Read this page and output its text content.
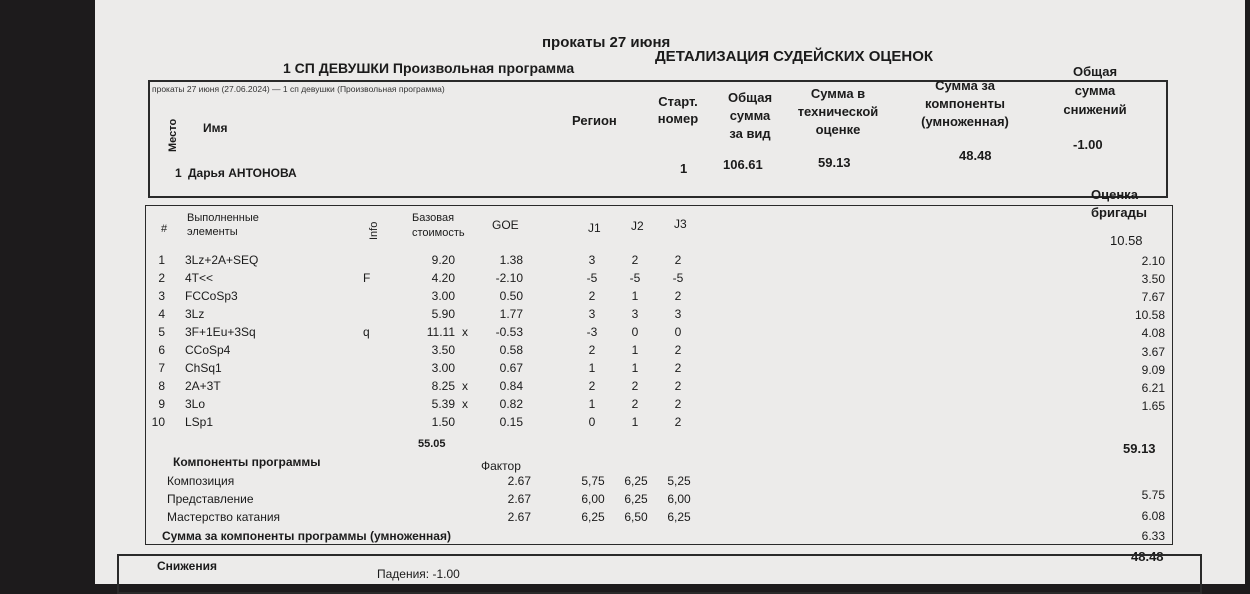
прокаты 27 июня
1 СП ДЕВУШКИ Произвольная программа
ДЕТАЛИЗАЦИЯ СУДЕЙСКИХ ОЦЕНОК
прокаты 27 июня (27.06.2024) — 1 сп девушки (Произвольная программа)
Место Имя	Регион
Старт.
номер
Общая
сумма
за вид
Сумма в
технической
оценке
Сумма за
компоненты
(умноженная)
Общая
сумма
снижений
1 Дарья АНТОНОВА	1	106.61	59.13	48.48
-1.00
#
Выполненные
элементы	Info
Базовая
стоимость
GOE	J1	J2	J3
Оценка
бригады
10.58
1 3Lz+2A+SEQ	9.20	1.38	3	2	2	2.10
2 4T<<	F	4.20	-2.10	-5	-5	-5	3.50
3 FCCoSp3	3.00	0.50	2	1	2	7.67
4 3Lz	5.90	1.77	3	3	3	10.58
5 3F+1Eu+3Sq	q	11.11 x	-0.53	-3	0	0	4.08
6 CCoSp4	3.50	0.58	2	1	2	3.67
7 ChSq1	3.00	0.67	1	1	2	9.09
8 2A+3T	8.25 x	0.84	2	2	2	6.21
9 3Lo	5.39 x	0.82	1	2	2	1.65
10 LSp1	1.50	0.15	0	1	2
55.05	59.13
Компоненты программы	Фактор
Композиция	2.67	5,75	6,25	5,25
5.75
Представление	2.67	6,00	6,25	6,00
6.08
Мастерство катания	2.67	6,25	6,50	6,25
6.33
Сумма за компоненты программы (умноженная)
48.48
Снижения
Падения: -1.00
